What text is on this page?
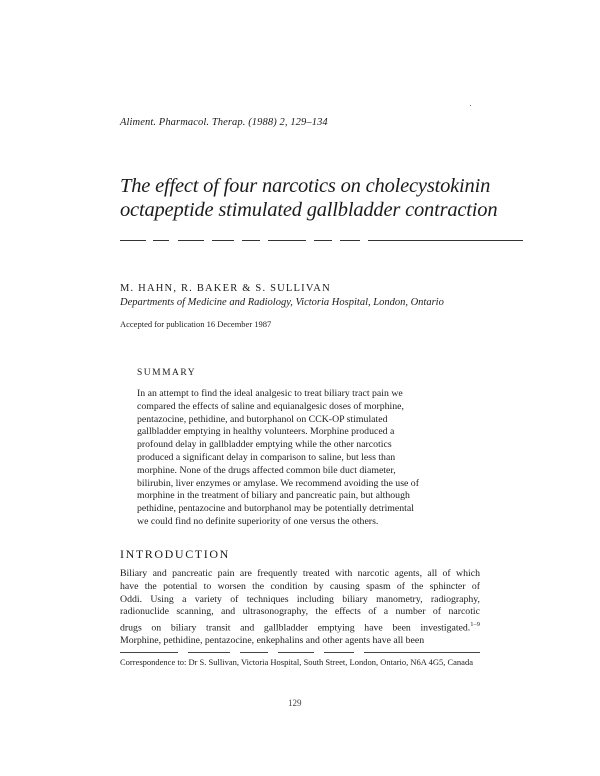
Aliment. Pharmacol. Therap. (1988) 2, 129–134
The effect of four narcotics on cholecystokinin
octapeptide stimulated gallbladder contraction
M. HAHN, R. BAKER & S. SULLIVAN
Departments of Medicine and Radiology, Victoria Hospital, London, Ontario
Accepted for publication 16 December 1987
SUMMARY
In an attempt to find the ideal analgesic to treat biliary tract pain we
compared the effects of saline and equianalgesic doses of morphine,
pentazocine, pethidine, and butorphanol on CCK-OP stimulated
gallbladder emptying in healthy volunteers. Morphine produced a
profound delay in gallbladder emptying while the other narcotics
produced a significant delay in comparison to saline, but less than
morphine. None of the drugs affected common bile duct diameter,
bilirubin, liver enzymes or amylase. We recommend avoiding the use of
morphine in the treatment of biliary and pancreatic pain, but although
pethidine, pentazocine and butorphanol may be potentially detrimental
we could find no definite superiority of one versus the others.
INTRODUCTION
Biliary and pancreatic pain are frequently treated with narcotic agents, all of which
have the potential to worsen the condition by causing spasm of the sphincter of
Oddi. Using a variety of techniques including biliary manometry, radiography,
radionuclide scanning, and ultrasonography, the effects of a number of narcotic
drugs on biliary transit and gallbladder emptying have been investigated.$^{1-9}$
Morphine, pethidine, pentazocine, enkephalins and other agents have all been
Correspondence to: Dr S. Sullivan, Victoria Hospital, South Street, London, Ontario, N6A 4G5, Canada
129
